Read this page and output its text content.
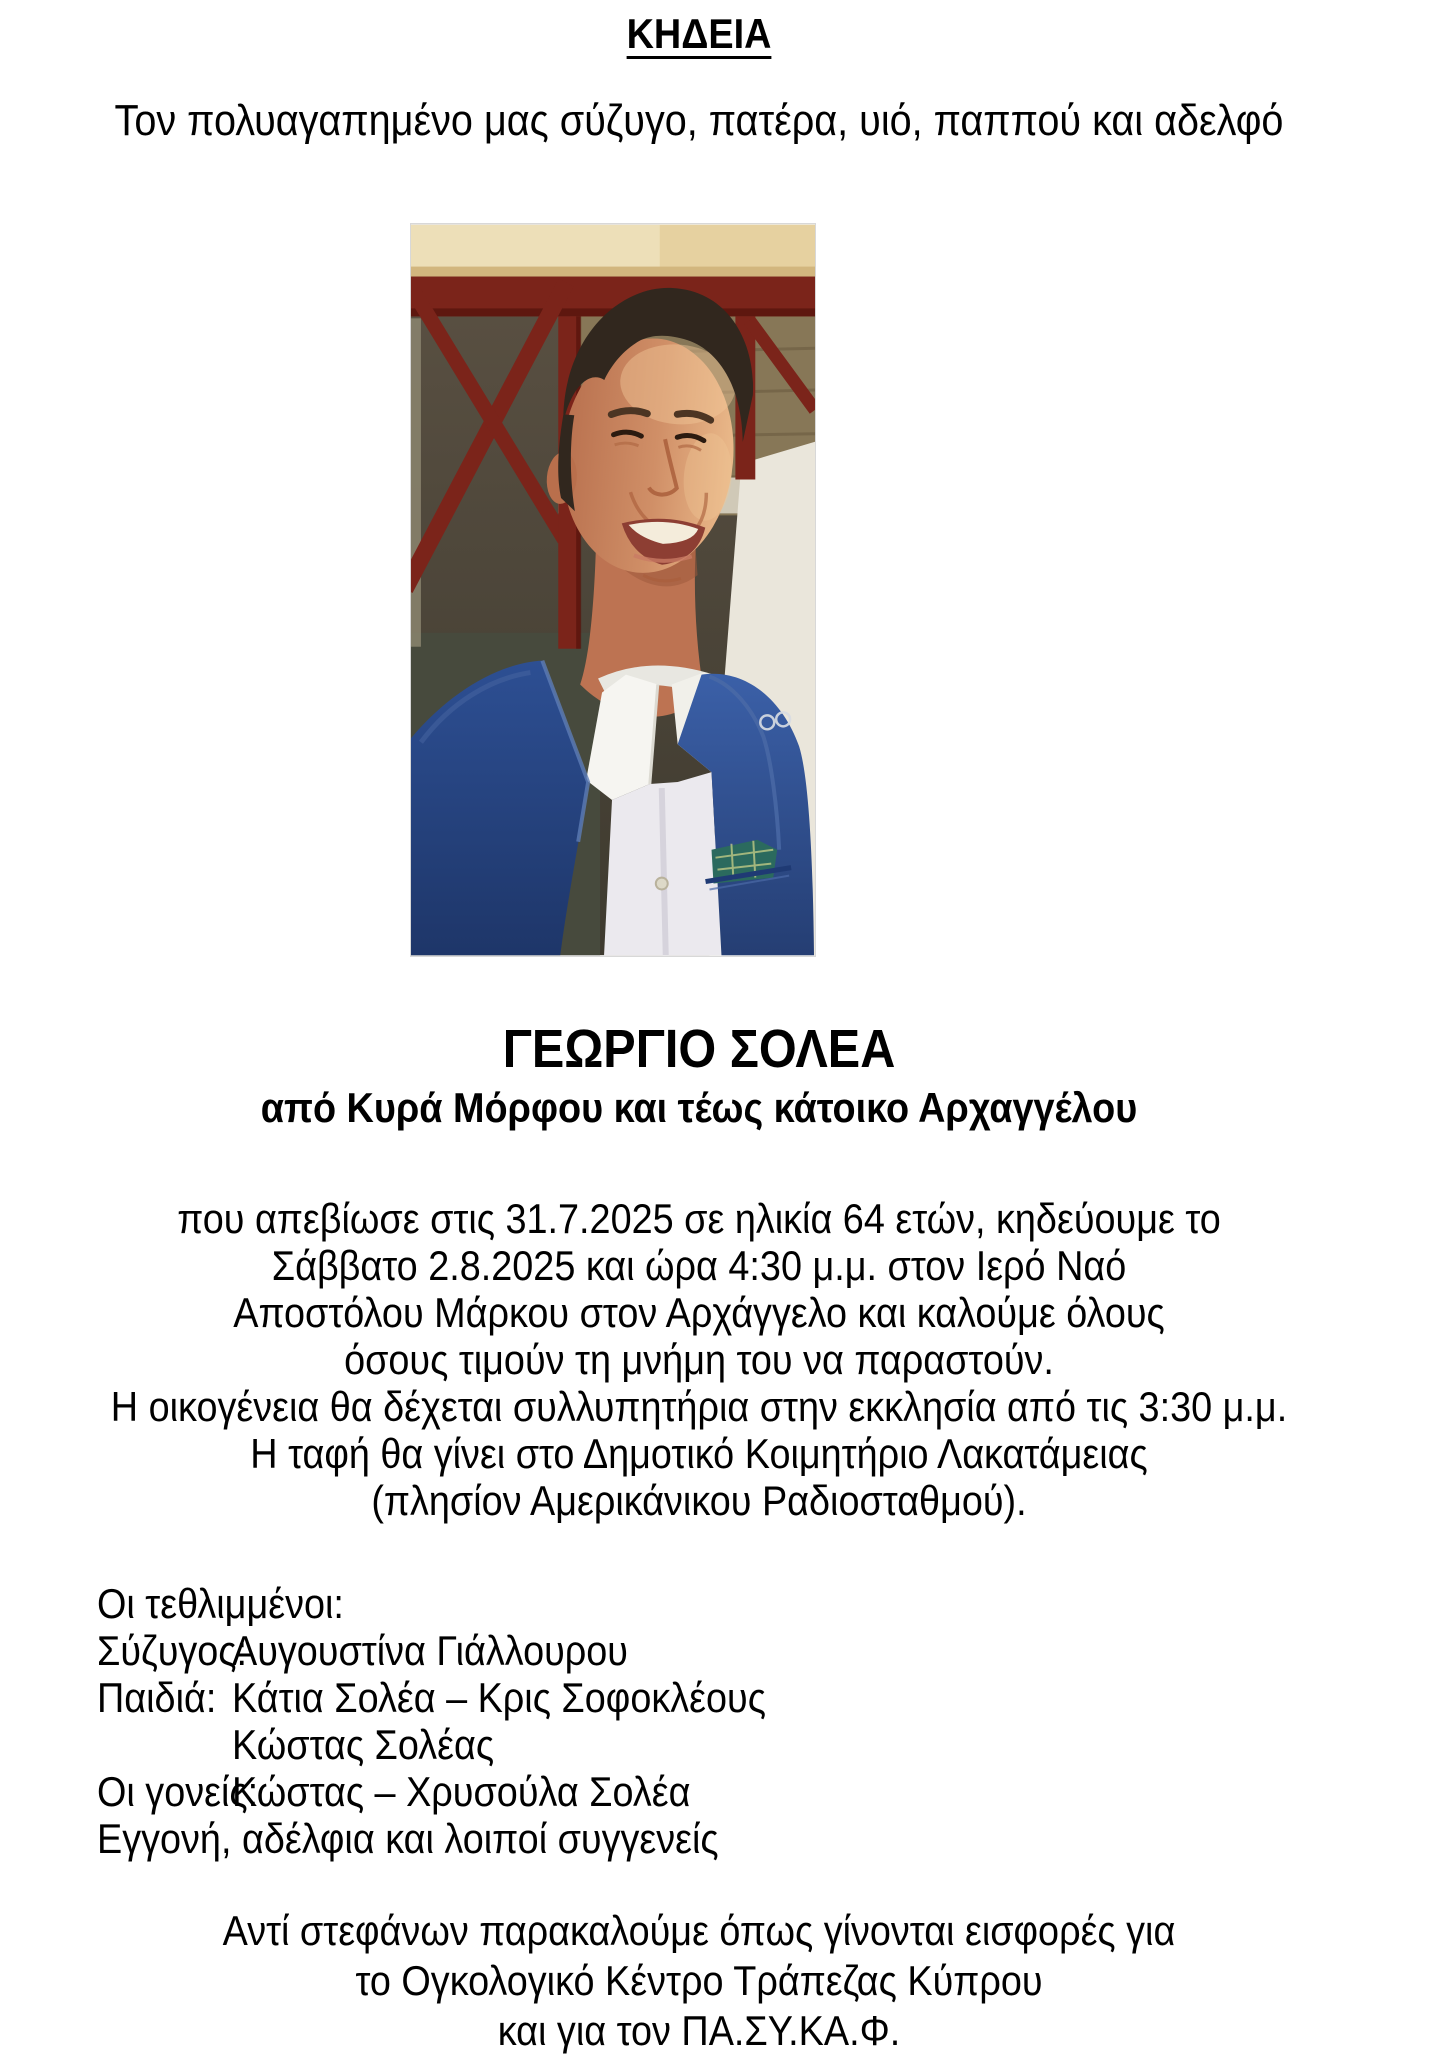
ΚΗΔΕΙΑ
Τον πολυαγαπημένο μας σύζυγο, πατέρα, υιό, παππού και αδελφό
ΓΕΩΡΓΙΟ ΣΟΛΕΑ
από Κυρά Μόρφου και τέως κάτοικο Αρχαγγέλου
που απεβίωσε στις 31.7.2025 σε ηλικία 64 ετών, κηδεύουμε το
Σάββατο 2.8.2025 και ώρα 4:30 μ.μ. στον Ιερό Ναό
Αποστόλου Μάρκου στον Αρχάγγελο και καλούμε όλους
όσους τιμούν τη μνήμη του να παραστούν.
Η οικογένεια θα δέχεται συλλυπητήρια στην εκκλησία από τις 3:30 μ.μ.
Η ταφή θα γίνει στο Δημοτικό Κοιμητήριο Λακατάμειας
(πλησίον Αμερικάνικου Ραδιοσταθμού).
Οι τεθλιμμένοι:
Σύζυγος:
Αυγουστίνα Γιάλλουρου
Παιδιά: Κάτια Σολέα – Κρις Σοφοκλέους
Κώστας Σολέας
Οι γονείς:
Κώστας – Χρυσούλα Σολέα
Εγγονή, αδέλφια και λοιποί συγγενείς
Αντί στεφάνων παρακαλούμε όπως γίνονται εισφορές για
το Ογκολογικό Κέντρο Τράπεζας Κύπρου
και για τον ΠΑ.ΣΥ.ΚΑ.Φ.
